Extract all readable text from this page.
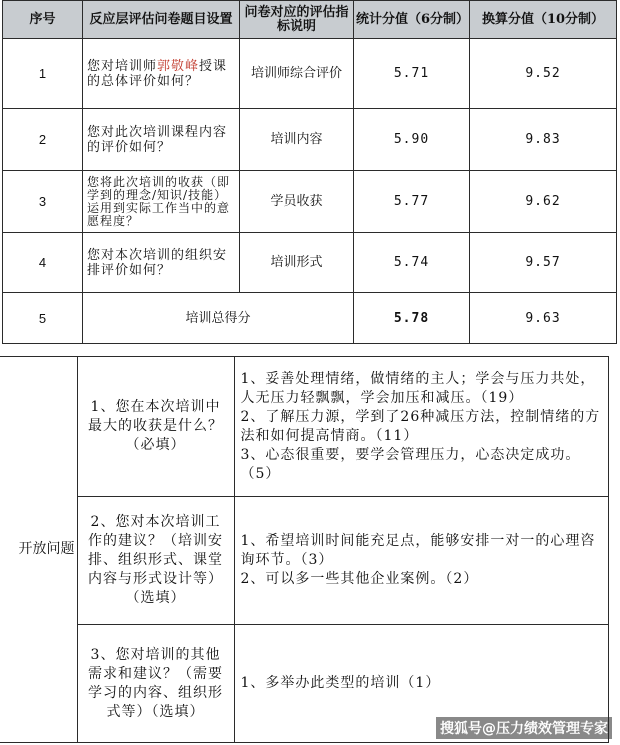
序号	反应层评估问卷题目设置	问卷对应的评估指标说明	统计分值（6分制）	换算分值（10分制）
1	您对培训师郭敬峰授课的总体评价如何？	培训师综合评价	5.71	9.52
2	您对此次培训课程内容的评价如何？	培训内容	5.90	9.83
3	您将此次培训的收获（即学到的理念/知识/技能）运用到实际工作当中的意愿程度？	学员收获	5.77	9.62
4	您对本次培训的组织安排评价如何？	培训形式	5.74	9.57
5	培训总得分		5.78	9.63
开放问题	1、您在本次培训中最大的收获是什么？（必填）	1、妥善处理情绪，做情绪的主人；学会与压力共处，人无压力轻飘飘，学会加压和减压。（19）
2、了解压力源，学到了26种减压方法，控制情绪的方法和如何提高情商。（11）
3、心态很重要，要学会管理压力，心态决定成功。（5）

	2、您对本次培训工作的建议？（培训安排、组织形式、课堂内容与形式设计等）（选填）	1、希望培训时间能充足点，能够安排一对一的心理咨询环节。（3）
2、可以多一些其他企业案例。（2）

	3、您对培训的其他需求和建议？（需要学习的内容、组织形式等）（选填）	1、多举办此类型的培训（1）
搜狐号@压力绩效管理专家
